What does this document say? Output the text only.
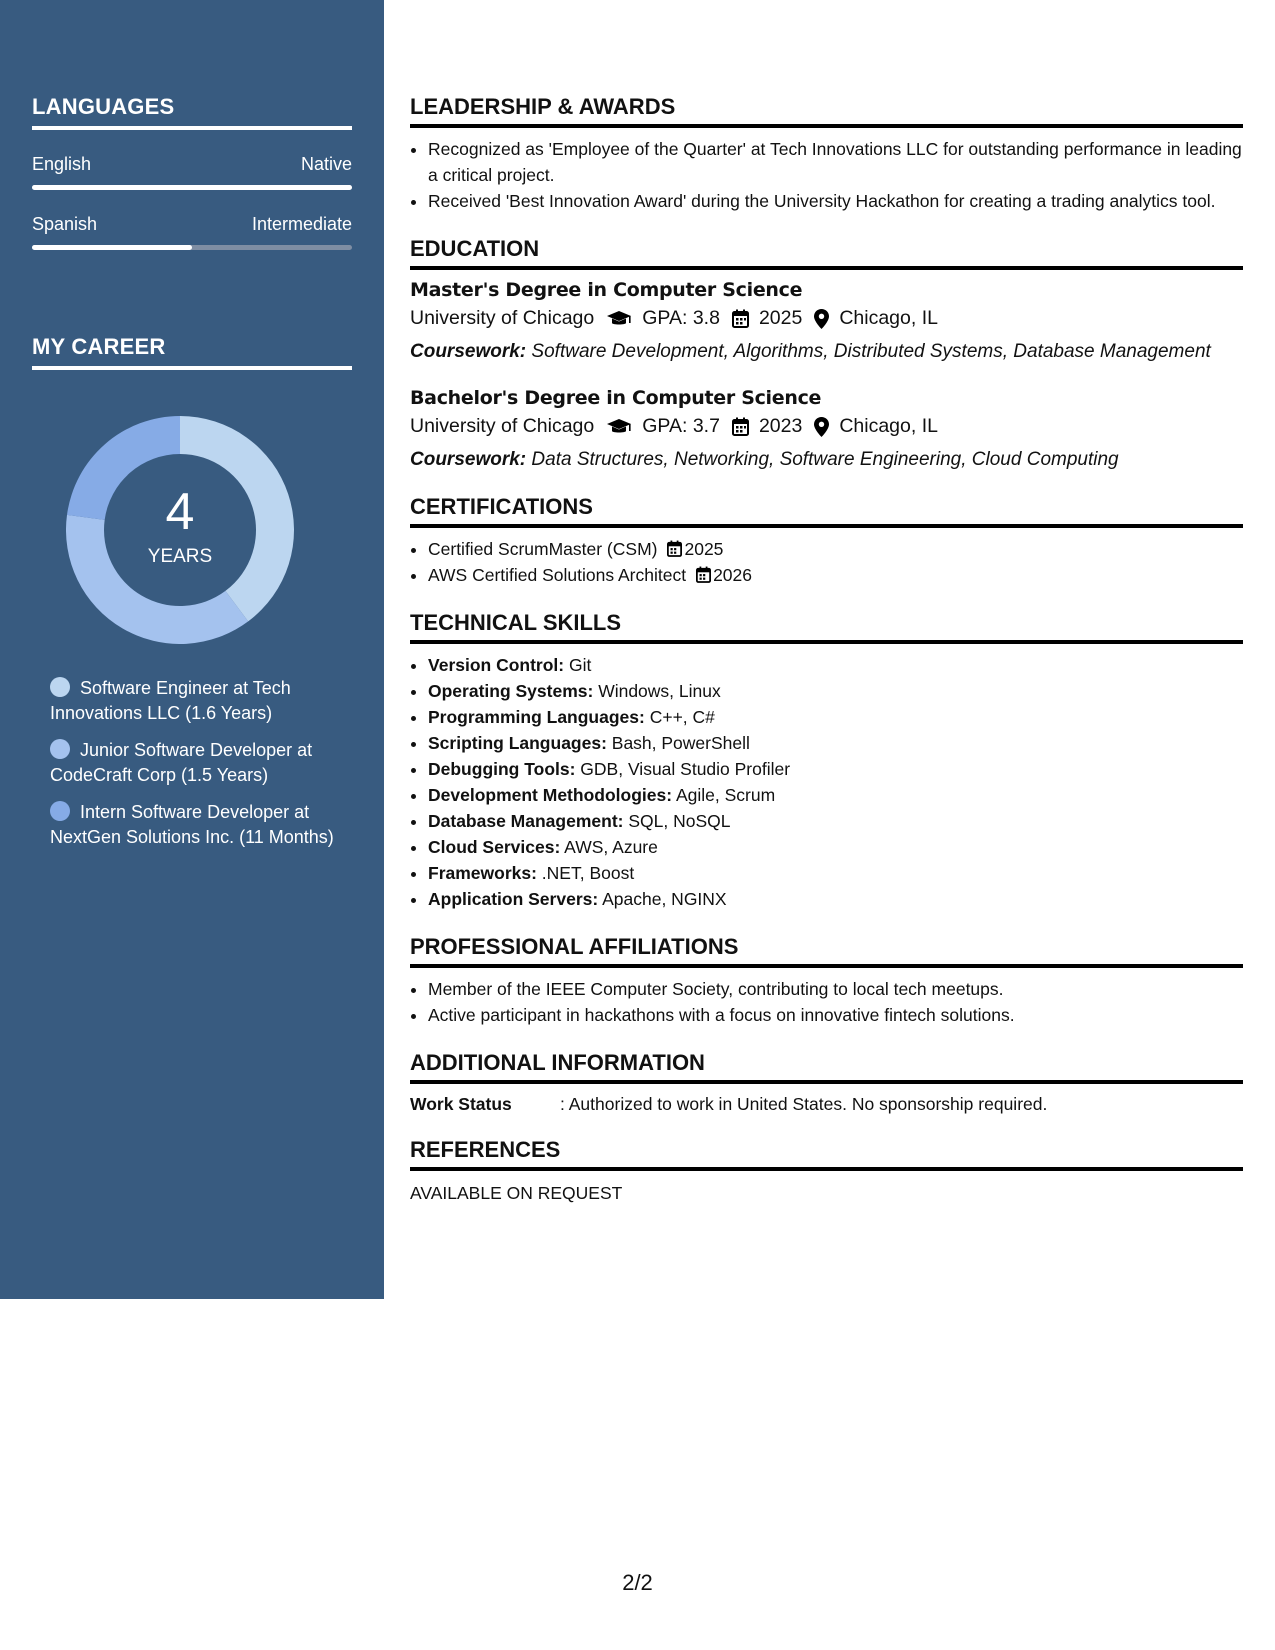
LANGUAGES
English	Native
Spanish	Intermediate
MY CAREER
4
YEARS
Software Engineer at Tech Innovations LLC (1.6 Years)
Junior Software Developer at CodeCraft Corp (1.5 Years)
Intern Software Developer at NextGen Solutions Inc. (11 Months)
LEADERSHIP & AWARDS
• Recognized as 'Employee of the Quarter' at Tech Innovations LLC for outstanding performance in leading a critical project.
• Received 'Best Innovation Award' during the University Hackathon for creating a trading analytics tool.
EDUCATION
Master's Degree in Computer Science
University of Chicago GPA: 3.8 2025 Chicago, IL
Coursework: Software Development, Algorithms, Distributed Systems, Database Management
Bachelor's Degree in Computer Science
University of Chicago GPA: 3.7 2023 Chicago, IL
Coursework: Data Structures, Networking, Software Engineering, Cloud Computing
CERTIFICATIONS
• Certified ScrumMaster (CSM) 2025
• AWS Certified Solutions Architect 2026
TECHNICAL SKILLS
• Version Control: Git
• Operating Systems: Windows, Linux
• Programming Languages: C++, C#
• Scripting Languages: Bash, PowerShell
• Debugging Tools: GDB, Visual Studio Profiler
• Development Methodologies: Agile, Scrum
• Database Management: SQL, NoSQL
• Cloud Services: AWS, Azure
• Frameworks: .NET, Boost
• Application Servers: Apache, NGINX
PROFESSIONAL AFFILIATIONS
• Member of the IEEE Computer Society, contributing to local tech meetups.
• Active participant in hackathons with a focus on innovative fintech solutions.
ADDITIONAL INFORMATION
Work Status	: Authorized to work in United States. No sponsorship required.
REFERENCES
AVAILABLE ON REQUEST
2/2
